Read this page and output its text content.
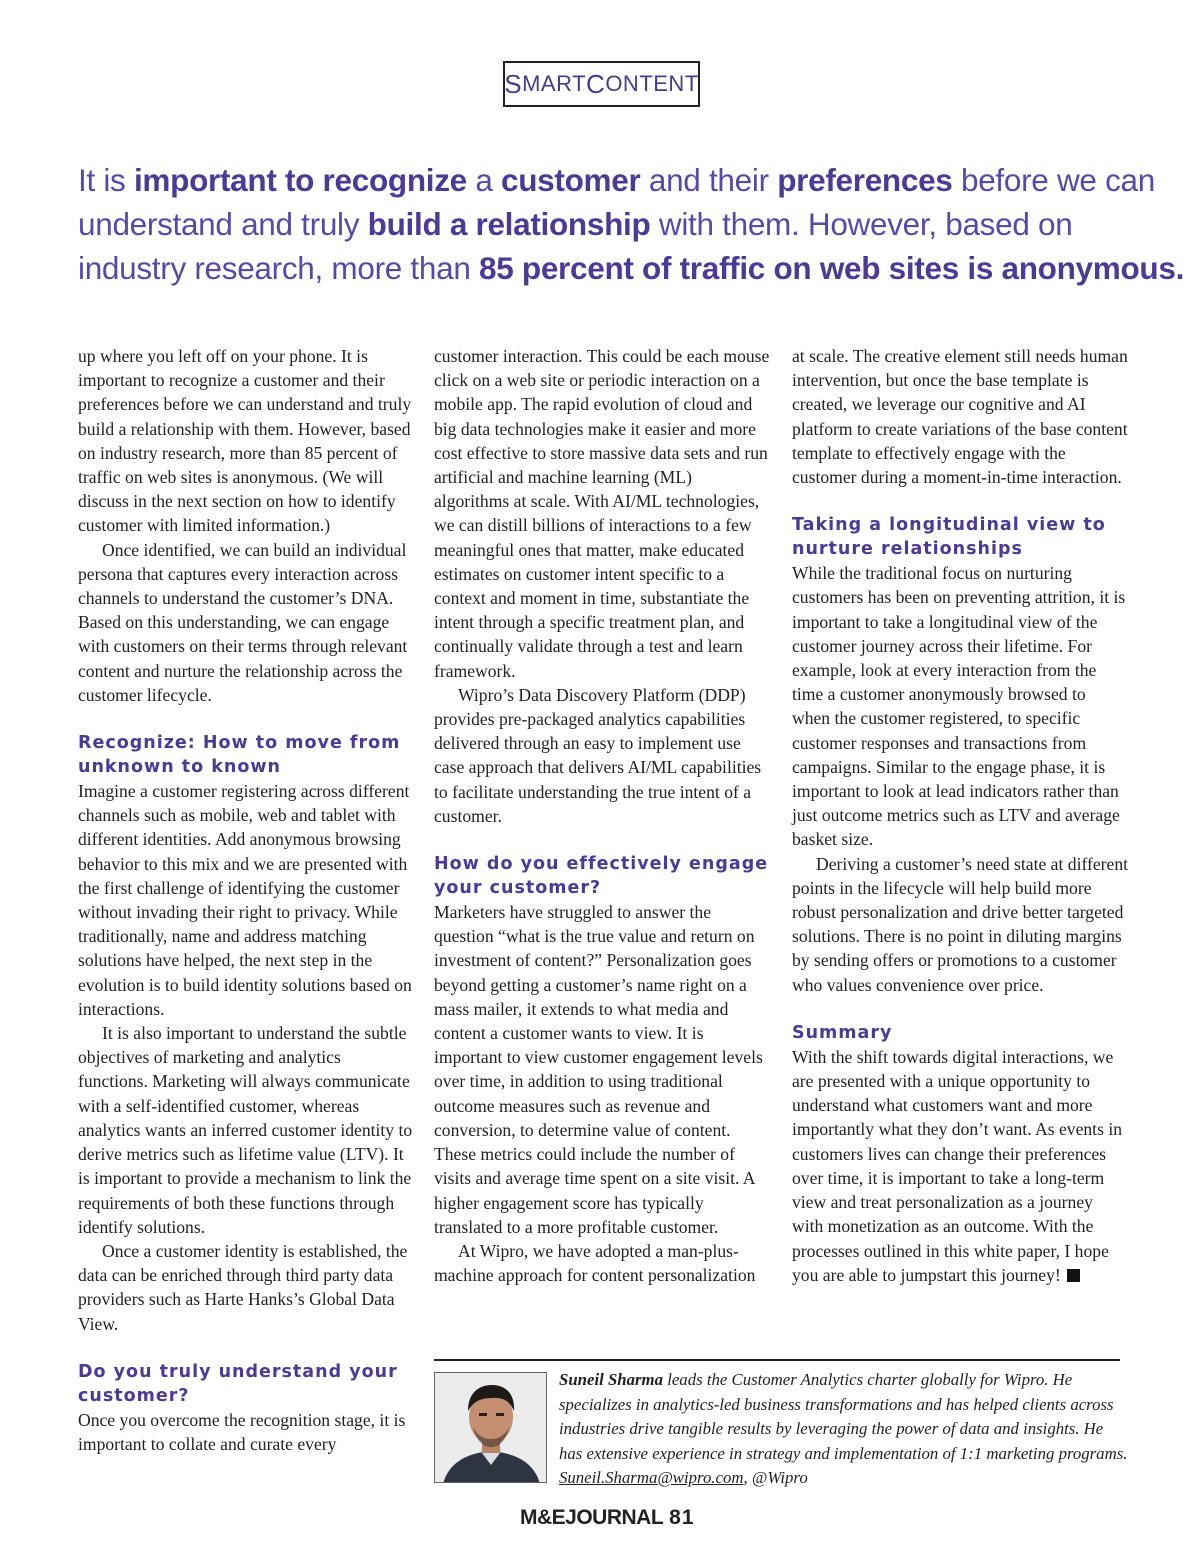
S MART C ONTENT
It is important to recognize a customer and their preferences before we can understand and truly build a relationship with them. However, based on industry research, more than 85 percent of traffic on web sites is anonymous.

up where you left off on your phone. It is important to recognize a customer and their preferences before we can understand and truly build a relationship with them. However, based on industry research, more than 85 percent of traffic on web sites is anonymous. (We will discuss in the next section on how to identify customer with limited information.)

Once identified, we can build an individual persona that captures every interaction across channels to understand the customer’s DNA. Based on this understanding, we can engage with customers on their terms through relevant content and nurture the relationship across the customer lifecycle.

Recognize: How to move from unknown to known

Imagine a customer registering across different channels such as mobile, web and tablet with different identities. Add anonymous browsing behavior to this mix and we are presented with the first challenge of identifying the customer without invading their right to privacy. While traditionally, name and address matching solutions have helped, the next step in the evolution is to build identity solutions based on interactions.

It is also important to understand the subtle objectives of marketing and analytics functions. Marketing will always communicate with a self-identified customer, whereas analytics wants an inferred customer identity to derive metrics such as lifetime value (LTV). It is important to provide a mechanism to link the requirements of both these functions through identify solutions.

Once a customer identity is established, the data can be enriched through third party data providers such as Harte Hanks’s Global Data View.

Do you truly understand your customer?

Once you overcome the recognition stage, it is important to collate and curate every

customer interaction. This could be each mouse click on a web site or periodic interaction on a mobile app. The rapid evolution of cloud and big data technologies make it easier and more cost effective to store massive data sets and run artificial and machine learning (ML) algorithms at scale. With AI/ML technologies, we can distill billions of interactions to a few meaningful ones that matter, make educated estimates on customer intent specific to a context and moment in time, substantiate the intent through a specific treatment plan, and continually validate through a test and learn framework.

Wipro’s Data Discovery Platform (DDP) provides pre-packaged analytics capabilities delivered through an easy to implement use case approach that delivers AI/ML capabilities to facilitate understanding the true intent of a customer.

How do you effectively engage your customer?

Marketers have struggled to answer the question “what is the true value and return on investment of content?” Personalization goes beyond getting a customer’s name right on a mass mailer, it extends to what media and content a customer wants to view. It is important to view customer engagement levels over time, in addition to using traditional outcome measures such as revenue and conversion, to determine value of content. These metrics could include the number of visits and average time spent on a site visit. A higher engagement score has typically translated to a more profitable customer.

At Wipro, we have adopted a man-plus-machine approach for content personalization

at scale. The creative element still needs human intervention, but once the base template is created, we leverage our cognitive and AI platform to create variations of the base content template to effectively engage with the customer during a moment-in-time interaction.

Taking a longitudinal view to nurture relationships

While the traditional focus on nurturing customers has been on preventing attrition, it is important to take a longitudinal view of the customer journey across their lifetime. For example, look at every interaction from the time a customer anonymously browsed to when the customer registered, to specific customer responses and transactions from campaigns. Similar to the engage phase, it is important to look at lead indicators rather than just outcome metrics such as LTV and average basket size.

Deriving a customer’s need state at different points in the lifecycle will help build more robust personalization and drive better targeted solutions. There is no point in diluting margins by sending offers or promotions to a customer who values convenience over price.

Summary

With the shift towards digital interactions, we are presented with a unique opportunity to understand what customers want and more importantly what they don’t want. As events in customers lives can change their preferences over time, it is important to take a long-term view and treat personalization as a journey with monetization as an outcome. With the processes outlined in this white paper, I hope you are able to jumpstart this journey!

Suneil Sharma leads the Customer Analytics charter globally for Wipro. He specializes in analytics-led business transformations and has helped clients across industries drive tangible results by leveraging the power of data and insights. He has extensive experience in strategy and implementation of 1:1 marketing programs. Suneil.Sharma@wipro.com, @Wipro
M&EJOURNAL 81
